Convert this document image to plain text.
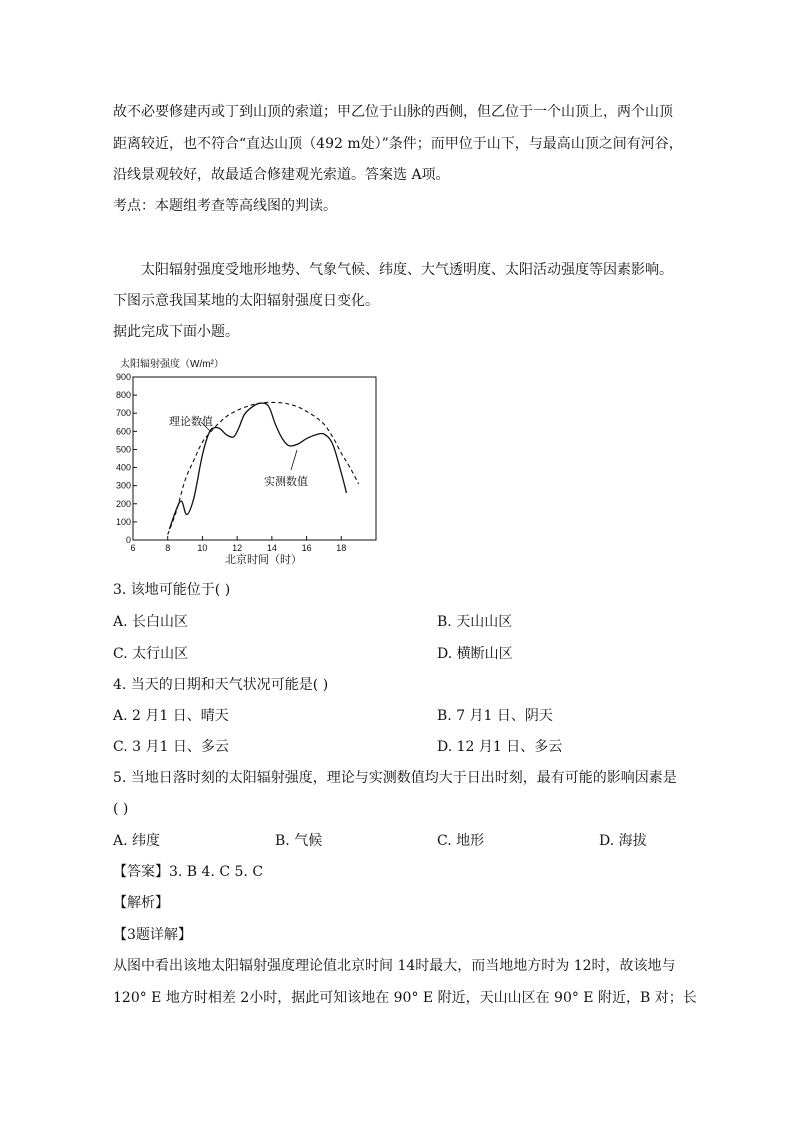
故不必要修建丙或丁到山顶的索道；甲乙位于山脉的西侧，但乙位于一个山顶上，两个山顶
距离较近，也不符合“直达山顶（492 m处）”条件；而甲位于山下，与最高山顶之间有河谷，
沿线景观较好，故最适合修建观光索道。答案选 A项。
考点：本题组考查等高线图的判读。
太阳辐射强度受地形地势、气象气候、纬度、大气透明度、太阳活动强度等因素影响。
下图示意我国某地的太阳辐射强度日变化。
据此完成下面小题。
太阳辐射强度（W/m²）
6	8	10	12	14	16	18
0
100
200
300
400
500
600
700
800
900
理论数值
实测数值
北京时间（时）
3. 该地可能位于( )
A. 长白山区	B. 天山山区
C. 太行山区	D. 横断山区
4. 当天的日期和天气状况可能是( )
A. 2 月1 日、晴天	B. 7 月1 日、阴天
C. 3 月1 日、多云	D. 12 月1 日、多云
5. 当地日落时刻的太阳辐射强度，理论与实测数值均大于日出时刻，最有可能的影响因素是
( )
A. 纬度	B. 气候	C. 地形	D. 海拔
【答案】3. B 4. C 5. C
【解析】
【3题详解】
从图中看出该地太阳辐射强度理论值北京时间 14时最大，而当地地方时为 12时，故该地与
120° E 地方时相差 2小时，据此可知该地在 90° E 附近，天山山区在 90° E 附近，B 对；长
